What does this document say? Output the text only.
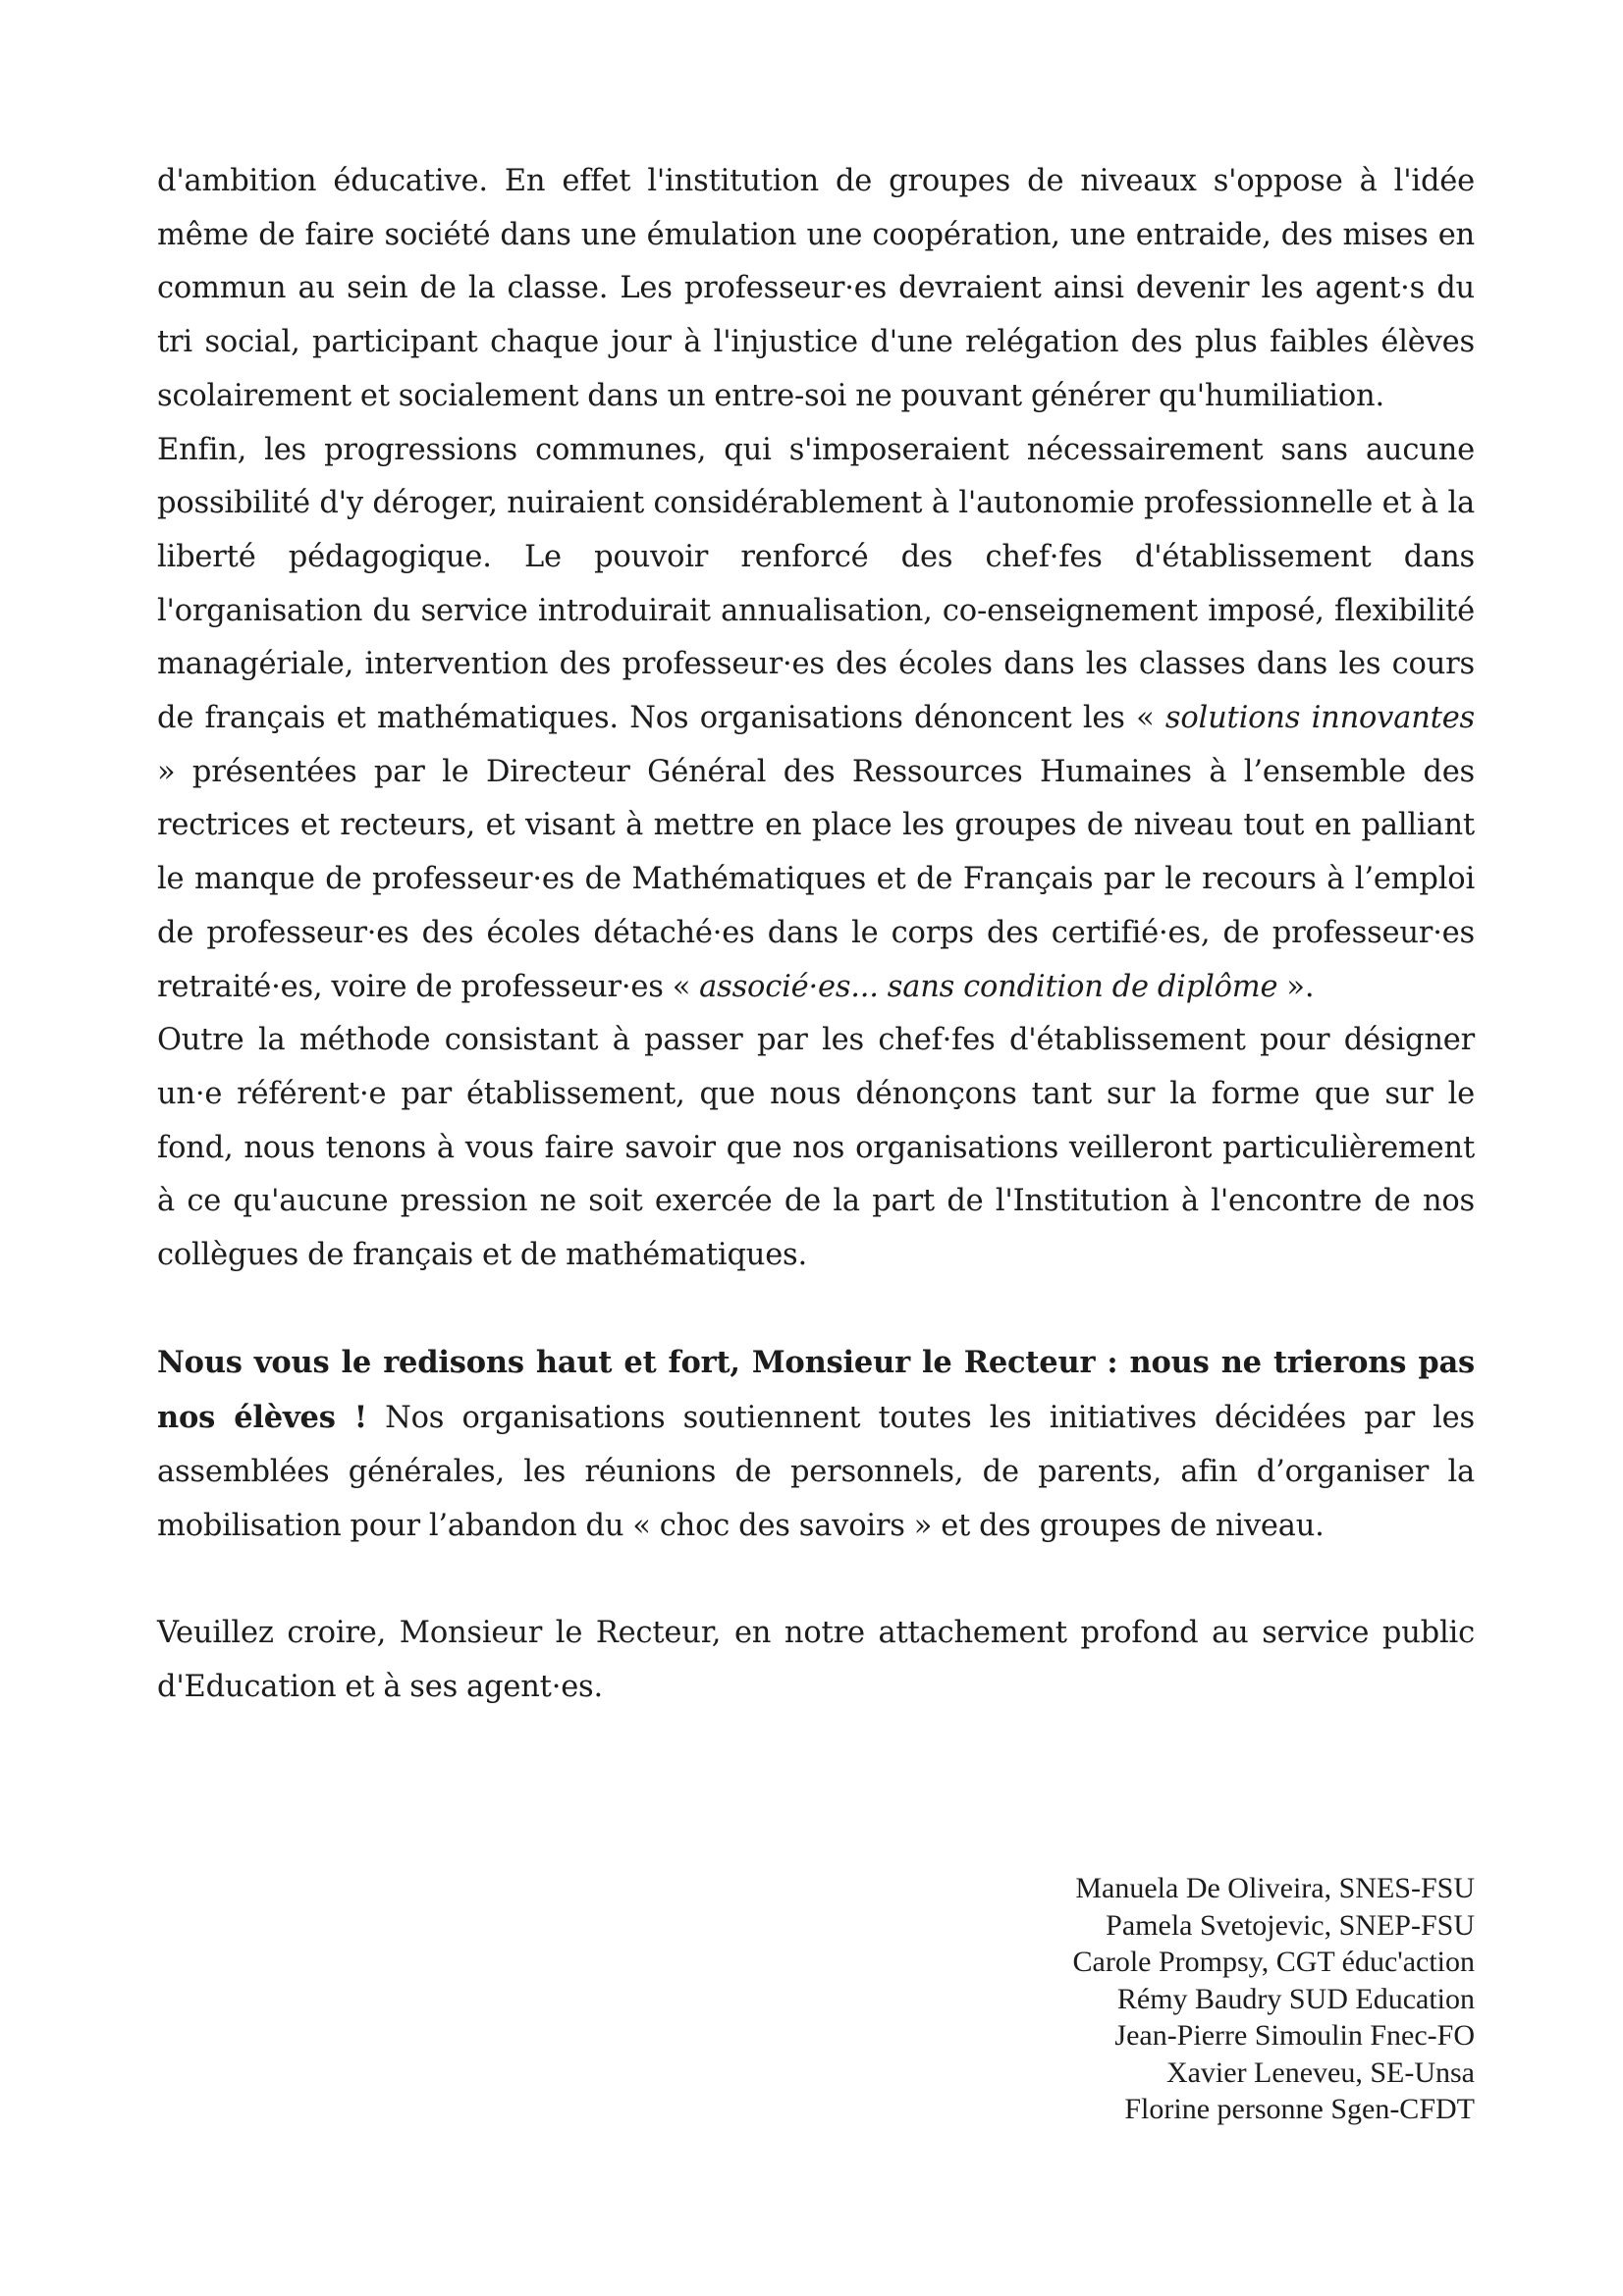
d'ambition éducative. En effet l'institution de groupes de niveaux s'oppose à l'idée même de faire société dans une émulation une coopération, une entraide, des mises en commun au sein de la classe. Les professeur·es devraient ainsi devenir les agent·s du tri social, participant chaque jour à l'injustice d'une relégation des plus faibles élèves scolairement et socialement dans un entre-soi ne pouvant générer qu'humiliation.

Enfin, les progressions communes, qui s'imposeraient nécessairement sans aucune possibilité d'y déroger, nuiraient considérablement à l'autonomie professionnelle et à la liberté pédagogique. Le pouvoir renforcé des chef·fes d'établissement dans l'organisation du service introduirait annualisation, co-enseignement imposé, flexibilité managériale, intervention des professeur·es des écoles dans les classes dans les cours de français et mathématiques. Nos organisations dénoncent les « solutions innovantes » présentées par le Directeur Général des Ressources Humaines à l’ensemble des rectrices et recteurs, et visant à mettre en place les groupes de niveau tout en palliant le manque de professeur·es de Mathématiques et de Français par le recours à l’emploi de professeur·es des écoles détaché·es dans le corps des certifié·es, de professeur·es retraité·es, voire de professeur·es « associé·es... sans condition de diplôme ».

Outre la méthode consistant à passer par les chef·fes d'établissement pour désigner un·e référent·e par établissement, que nous dénonçons tant sur la forme que sur le fond, nous tenons à vous faire savoir que nos organisations veilleront particulièrement à ce qu'aucune pression ne soit exercée de la part de l'Institution à l'encontre de nos collègues de français et de mathématiques.

Nous vous le redisons haut et fort, Monsieur le Recteur : nous ne trierons pas nos élèves ! Nos organisations soutiennent toutes les initiatives décidées par les assemblées générales, les réunions de personnels, de parents, afin d’organiser la mobilisation pour l’abandon du « choc des savoirs » et des groupes de niveau.

Veuillez croire, Monsieur le Recteur, en notre attachement profond au service public d'Education et à ses agent·es.

Manuela De Oliveira, SNES-FSU
Pamela Svetojevic, SNEP-FSU
Carole Prompsy, CGT éduc'action
Rémy Baudry SUD Education
Jean-Pierre Simoulin Fnec-FO
Xavier Leneveu, SE-Unsa
Florine personne Sgen-CFDT
